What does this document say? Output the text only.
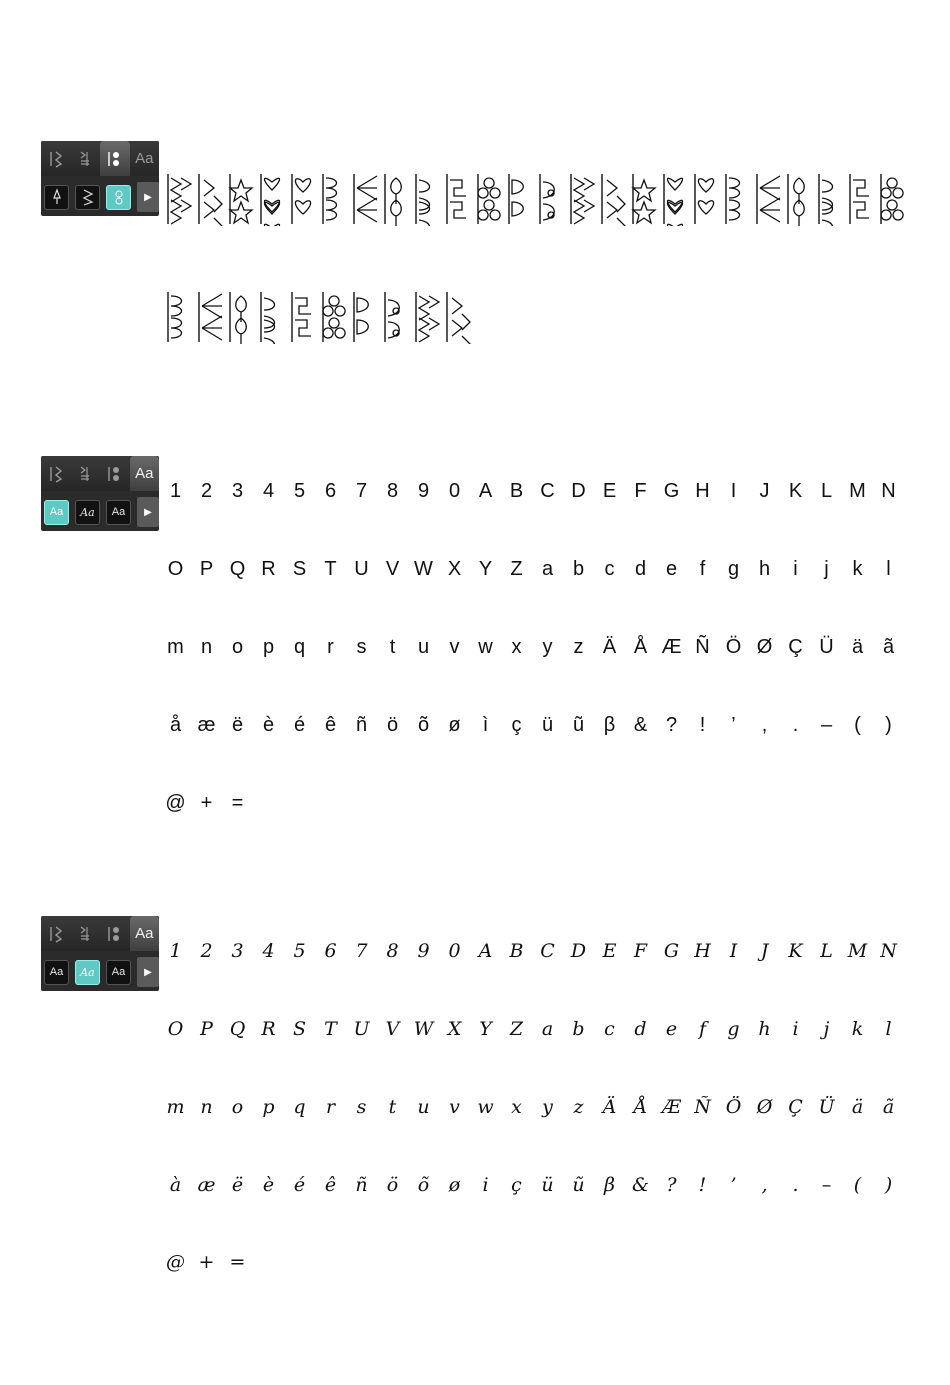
Aa
▶
Aa
Aa Aa Aa	▶
1 2 3 4 5 6 7 8 9 0 A B C D E F G H	I	J K L M N
O P Q R S T U V W X Y Z a b	c	d e	f	g h	i	j	k	l
m n o p q	r	s	t	u	v w x	y	z Ä Å Æ Ñ Ö Ø Ç Ü ä ã
å æ ë è é ê ñ ö õ ø	ì	ç	ü ũ β & ?	!	’	,	.	–	(	)
@ + =
Aa
Aa Aa Aa	▶
1 2 3 4 5 6 7 8 9 0 A B C D E F G H I	J	K L M N
O P Q R S T U V W X Y Z a	b	c	d	e	f	g h	i	j	k	l
m n	o	p q	r	s	t	u	v w x	y	z	Ä Å Æ Ñ Ö Ø Ç Ü ä	ã
à æ ë	è	é	ê	ñ	ö	õ	ø	i	ç	ü ũ	β & ?	!	’	,	.	–	(	)
@ + =
